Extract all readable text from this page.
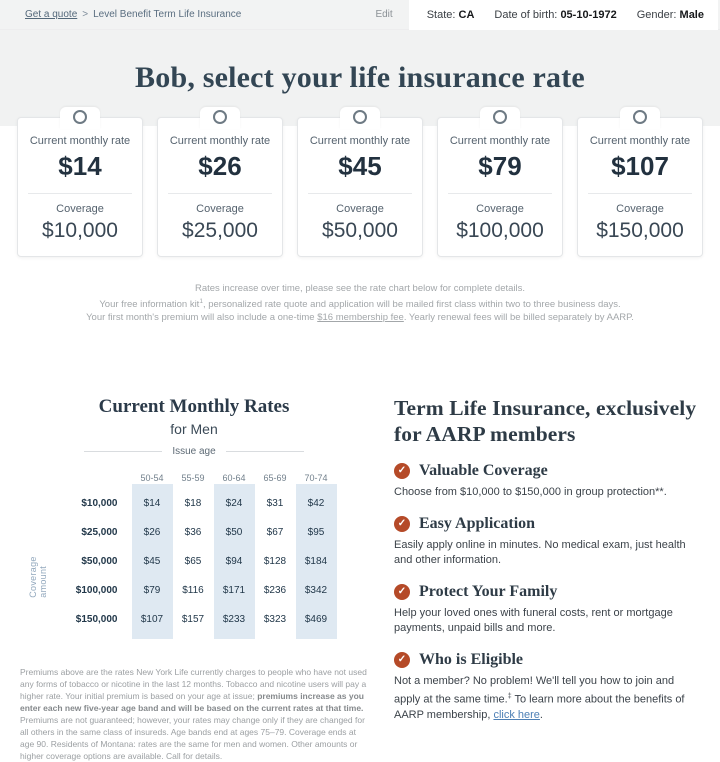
Get a quote > Level Benefit Term Life Insurance	Edit	State: CA Date of birth: 05-10-1972 Gender: Male
Bob, select your life insurance rate
Current monthly rate
$14
Coverage
$10,000
Current monthly rate
$26
Coverage
$25,000
Current monthly rate
$45
Coverage
$50,000
Current monthly rate
$79
Coverage
$100,000
Current monthly rate
$107
Coverage
$150,000

Rates increase over time, please see the rate chart below for complete details.

Your free information kit$^1$, personalized rate quote and application will be mailed first class within two to three business days.

Your first month's premium will also include a one-time $16 membership fee. Yearly renewal fees will be billed separately by AARP.

Current Monthly Rates
for Men
Issue age
Coverage amount
	50-54	55-59	60-64	65-69	70-74
$10,000	$14	$18	$24	$31	$42
$25,000	$26	$36	$50	$67	$95
$50,000	$45	$65	$94	$128	$184
$100,000	$79	$116	$171	$236	$342
$150,000	$107	$157	$233	$323	$469

Premiums above are the rates New York Life currently charges to people who have not used any forms of tobacco or nicotine in the last 12 months. Tobacco and nicotine users will pay a higher rate. Your initial premium is based on your age at issue; premiums increase as you enter each new five-year age band and will be based on the current rates at that time. Premiums are not guaranteed; however, your rates may change only if they are changed for all others in the same class of insureds. Age bands end at ages 75–79. Coverage ends at age 90. Residents of Montana: rates are the same for men and women. Other amounts or higher coverage options are available. Call for details.

Term Life Insurance, exclusively for AARP members
✓ Valuable Coverage
Choose from $10,000 to $150,000 in group protection**.
✓ Easy Application
Easily apply online in minutes. No medical exam, just health and other information.
✓ Protect Your Family
Help your loved ones with funeral costs, rent or mortgage payments, unpaid bills and more.
✓ Who is Eligible
Not a member? No problem! We'll tell you how to join and apply at the same time.‡ To learn more about the benefits of AARP membership, click here.
